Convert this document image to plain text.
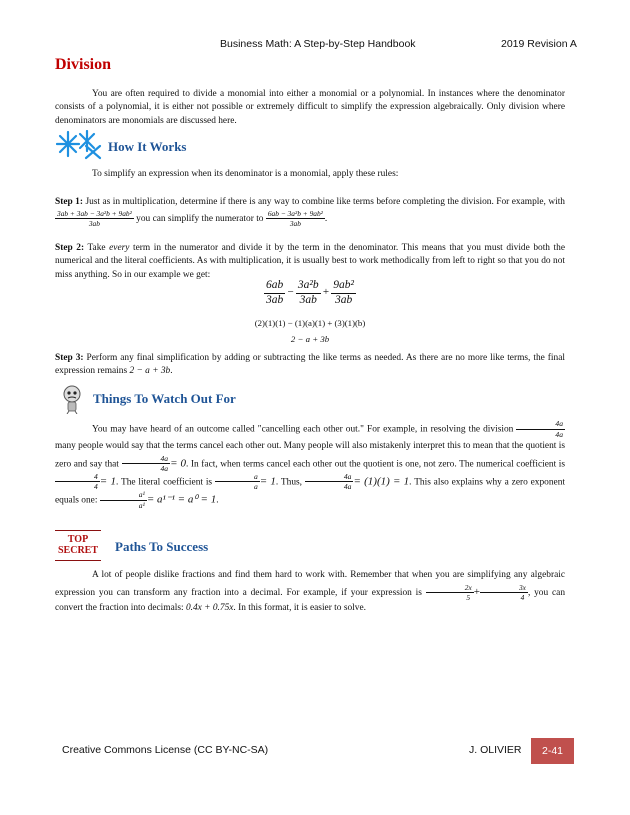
Business Math: A Step-by-Step Handbook	2019 Revision A
Division
You are often required to divide a monomial into either a monomial or a polynomial. In instances where the denominator consists of a polynomial, it is either not possible or extremely difficult to simplify the expression algebraically. Only division where denominators are monomials are discussed here.
How It Works
To simplify an expression when its denominator is a monomial, apply these rules:
Step 1: Just as in multiplication, determine if there is any way to combine like terms before completing the division. For example, with
$\frac{\text{3ab + 3ab − 3a²b + 9ab²}}{3ab}$ you can simplify the numerator to $\frac{\text{6ab − 3a²b + 9ab²}}{3ab}$ .
Step 2: Take every term in the numerator and divide it by the term in the denominator. This means that you must divide both the numerical and the literal coefficients. As with multiplication, it is usually best to work methodically from left to right so that you do not miss anything. So in our example we get:
$\frac{6ab}{3ab} - \frac{\text{3a²b}}{3ab} + \frac{\text{9ab²}}{3ab}$
(2)(1)(1) − (1)(a)(1) + (3)(1)(b)
2 − a + 3b
Step 3: Perform any final simplification by adding or subtracting the like terms as needed. As there are no more like terms, the final expression remains 2 − a + 3b.
Things To Watch Out For
You may have heard of an outcome called "cancelling each other out." For example, in resolving the division $\frac{4a}{4a}$
many people would say that the terms cancel each other out. Many people will also mistakenly interpret this to mean that the quotient is zero and say that $\frac{4a}{4a} = 0$. In fact, when terms cancel each other out the quotient is one, not zero. The numerical coefficient is
$\frac{4}{4} = 1$. The literal coefficient is $\frac{a}{a} = 1$. Thus, $\frac{4a}{4a} = (1)(1) = 1$. This also explains why a zero exponent equals one: $\frac{\text{a¹}}{\text{a¹}} = a^{1-1} = a^0 = 1$.
TOP
SECRET Paths To Success
A lot of people dislike fractions and find them hard to work with. Remember that when you are simplifying any algebraic expression you can transform any fraction into a decimal. For example, if your expression is $\frac{2x}{5} + \frac{3x}{4}$ , you can convert the fraction into decimals: 0.4x + 0.75x. In this format, it is easier to solve.
Creative Commons License (CC BY-NC-SA)	J. OLIVIER	2-41
